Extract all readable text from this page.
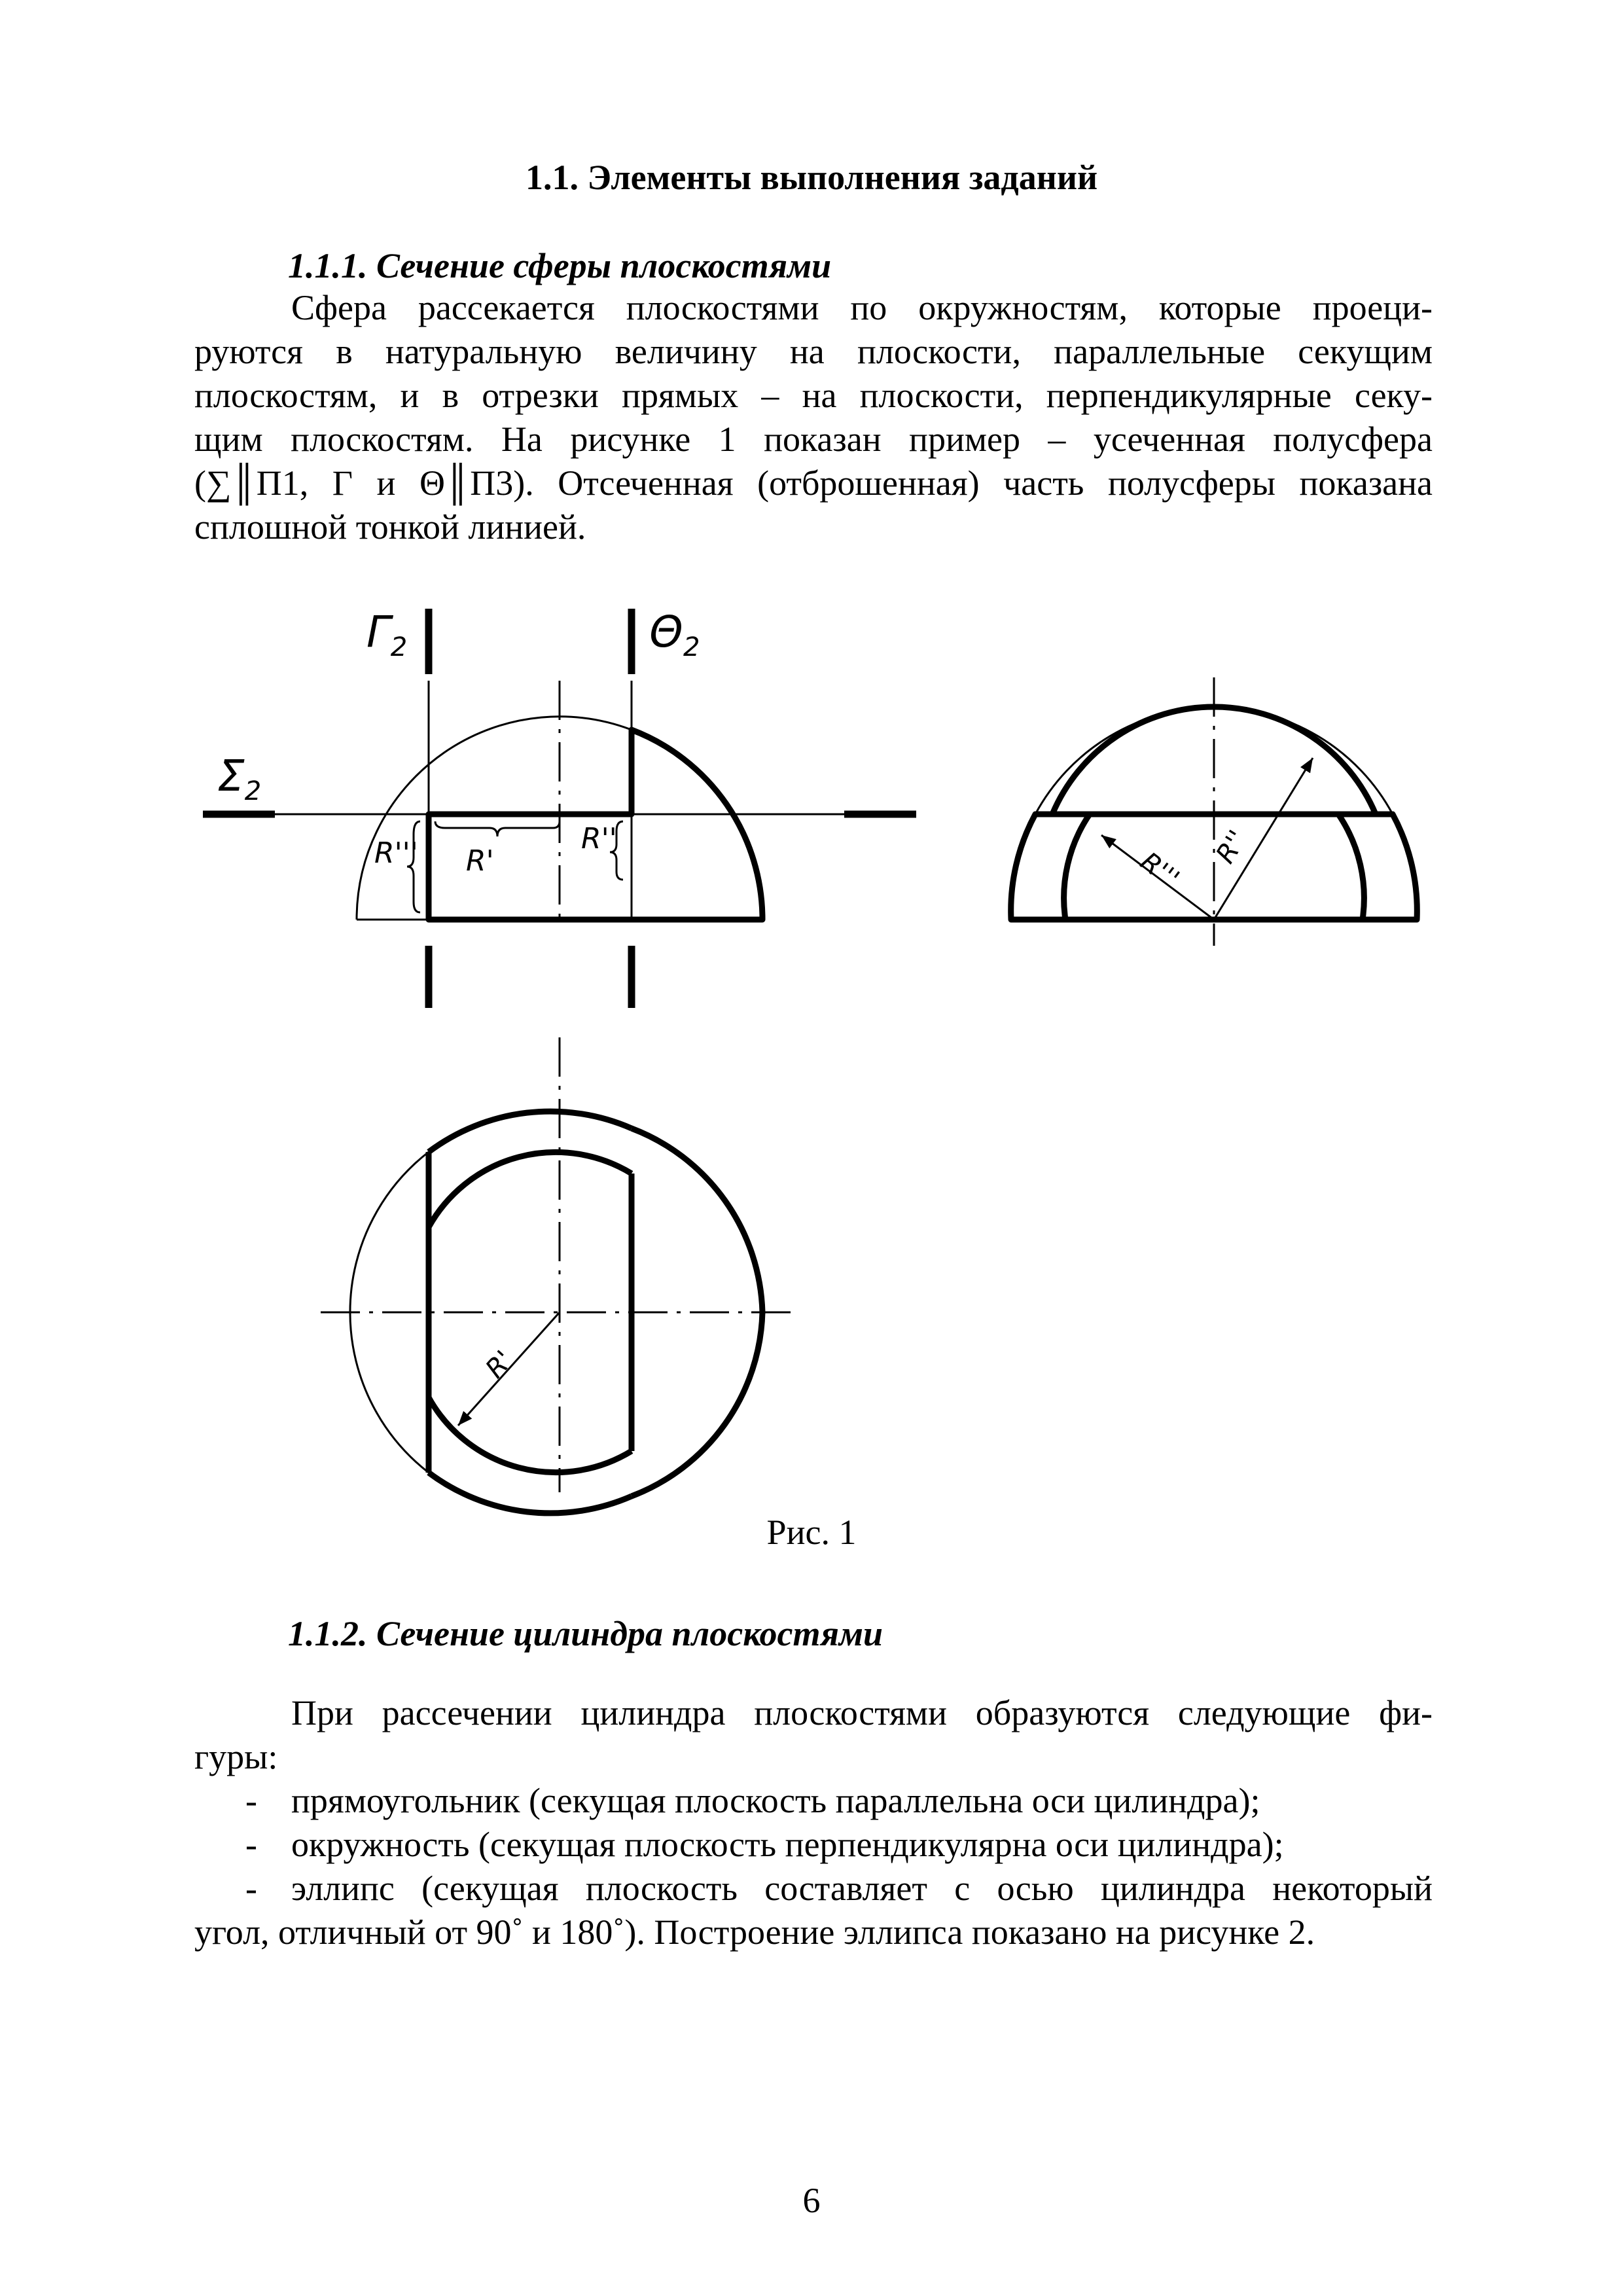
1.1. Элементы выполнения заданий
1.1.1. Сечение сферы плоскостями
Сфера рассекается плоскостями по окружностям, которые проеци-
руются в натуральную величину на плоскости, параллельные секущим
плоскостям, и в отрезки прямых – на плоскости, перпендикулярные секу-
щим плоскостям. На рисунке 1 показан пример – усеченная полусфера
(∑║П1, Г и Θ║П3). Отсеченная (отброшенная) часть полусферы показана
сплошной тонкой линией.
$Г_2$	$\Theta_2$
$\Sigma_2$
R''' R'
R''
R''' R''
R'
Рис. 1
1.1.2. Сечение цилиндра плоскостями
При рассечении цилиндра плоскостями образуются следующие фи-
гуры:
- прямоугольник (секущая плоскость параллельна оси цилиндра);
- окружность (секущая плоскость перпендикулярна оси цилиндра);
- эллипс (секущая плоскость составляет с осью цилиндра некоторый
угол, отличный от 90˚ и 180˚). Построение эллипса показано на рисунке 2.
6
